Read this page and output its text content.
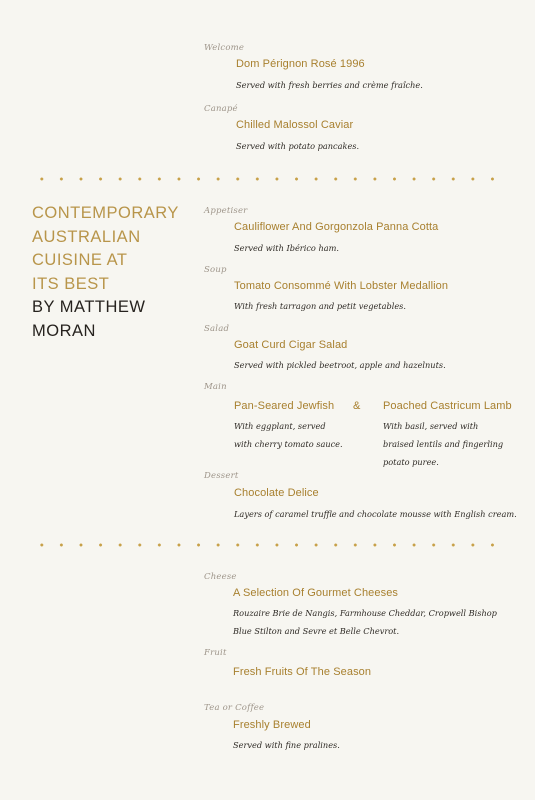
Welcome
Dom Pérignon Rosé 1996
Served with fresh berries and crème fraîche.
Canapé
Chilled Malossol Caviar
Served with potato pancakes.
CONTEMPORARY
AUSTRALIAN
CUISINE AT
ITS BEST
BY MATTHEW
MORAN
Appetiser
Cauliflower And Gorgonzola Panna Cotta
Served with Ibérico ham.
Soup
Tomato Consommé With Lobster Medallion
With fresh tarragon and petit vegetables.
Salad
Goat Curd Cigar Salad
Served with pickled beetroot, apple and hazelnuts.
Main
Pan-Seared Jewfish
With eggplant, served
with cherry tomato sauce.
& Poached Castricum Lamb
With basil, served with
braised lentils and fingerling
potato puree.
Dessert
Chocolate Delice
Layers of caramel truffle and chocolate mousse with English cream.
Cheese
A Selection Of Gourmet Cheeses
Rouzaire Brie de Nangis, Farmhouse Cheddar, Cropwell Bishop
Blue Stilton and Sevre et Belle Chevrot.
Fruit
Fresh Fruits Of The Season
Tea or Coffee
Freshly Brewed
Served with fine pralines.
